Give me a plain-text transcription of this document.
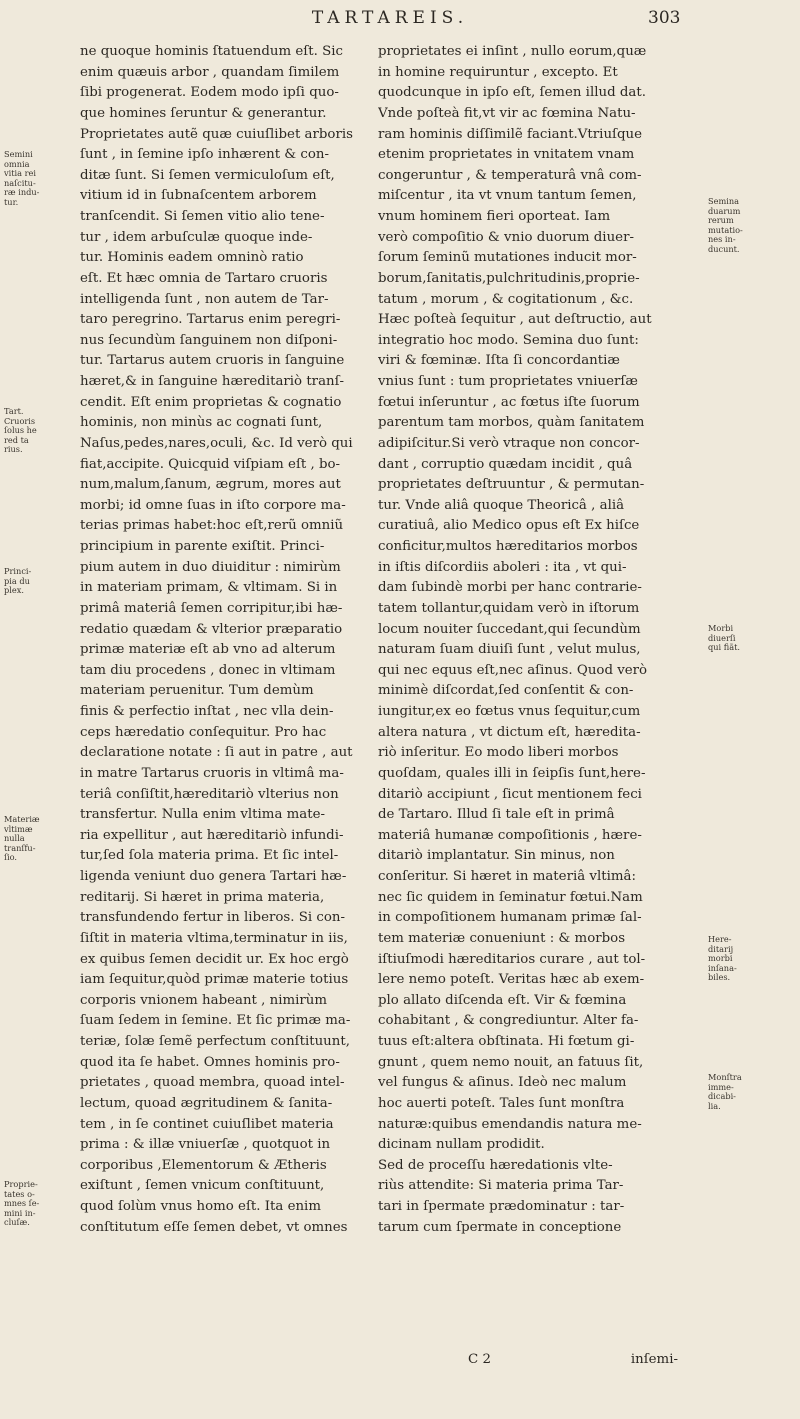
TARTAREIS.	303
ne quoque hominis ſtatuendum eſt. Sic
enim quæuis arbor , quandam ſimilem
ſibi progenerat. Eodem modo ipſi quo-
que homines ſeruntur & generantur.
Proprietates autẽ quæ cuiuſlibet arboris
ſunt , in ſemine ipſo inhærent & con-
ditæ ſunt. Si ſemen vermiculoſum eſt,
vitium id in ſubnaſcentem arborem
tranſcendit. Si ſemen vitio alio tene-
tur , idem arbuſculæ quoque inde-
tur. Hominis eadem omninò ratio
eſt. Et hæc omnia de Tartaro cruoris
intelligenda ſunt , non autem de Tar-
taro peregrino. Tartarus enim peregri-
nus ſecundùm ſanguinem non diſponi-
tur. Tartarus autem cruoris in ſanguine
hæret,& in ſanguine hæreditariò tranſ-
cendit. Eſt enim proprietas & cognatio
hominis, non minùs ac cognati ſunt,
Naſus,pedes,nares,oculi, &c. Id verò qui
fiat,accipite. Quicquid viſpiam eſt , bo-
num,malum,ſanum, ægrum, mores aut
morbi; id omne ſuas in iſto corpore ma-
terias primas habet:hoc eſt,rerũ omniũ
principium in parente exiſtit. Princi-
pium autem in duo diuiditur : nimirùm
in materiam primam, & vltimam. Si in
primâ materiâ ſemen corripitur,ibi hæ-
redatio quædam & vlterior præparatio
primæ materiæ eſt ab vno ad alterum
tam diu procedens , donec in vltimam
materiam peruenitur. Tum demùm
finis & perfectio inſtat , nec vlla dein-
ceps hæredatio conſequitur. Pro hac
declaratione notate : ſi aut in patre , aut
in matre Tartarus cruoris in vltimâ ma-
teriâ conſiſtit,hæreditariò vlterius non
transfertur. Nulla enim vltima mate-
ria expellitur , aut hæreditariò infundi-
tur,ſed ſola materia prima. Et ſic intel-
ligenda veniunt duo genera Tartari hæ-
reditarij. Si hæret in prima materia,
transfundendo fertur in liberos. Si con-
ſiſtit in materia vltima,terminatur in iis,
ex quibus ſemen decidit ur. Ex hoc ergò
iam ſequitur,quòd primæ materie totius
corporis vnionem habeant , nimirùm
ſuam ſedem in ſemine. Et ſic primæ ma-
teriæ, ſolæ ſemẽ perfectum conſtituunt,
quod ita ſe habet. Omnes hominis pro-
prietates , quoad membra, quoad intel-
lectum, quoad ægritudinem & ſanita-
tem , in ſe continet cuiuſlibet materia
prima : & illæ vniuerſæ , quotquot in
corporibus ,Elementorum & Ætheris
exiſtunt , ſemen vnicum conſtituunt,
quod ſolùm vnus homo eſt. Ita enim
conſtitutum eſſe ſemen debet, vt omnes
proprietates ei inſint , nullo eorum,quæ
in homine requiruntur , excepto. Et
quodcunque in ipſo eſt, ſemen illud dat.
Vnde poſteà fit,vt vir ac fœmina Natu-
ram hominis diſſimilẽ faciant.Vtriuſque
etenim proprietates in vnitatem vnam
congeruntur , & temperaturâ vnâ com-
miſcentur , ita vt vnum tantum ſemen,
vnum hominem fieri oporteat. Iam
verò compoſitio & vnio duorum diuer-
ſorum ſeminũ mutationes inducit mor-
borum,ſanitatis,pulchritudinis,proprie-
tatum , morum , & cogitationum , &c.
Hæc poſteà ſequitur , aut deſtructio, aut
integratio hoc modo. Semina duo ſunt:
viri & fœminæ. Iſta ſi concordantiæ
vnius ſunt : tum proprietates vniuerſæ
fœtui inſeruntur , ac fœtus iſte ſuorum
parentum tam morbos, quàm ſanitatem
adipiſcitur.Si verò vtraque non concor-
dant , corruptio quædam incidit , quâ
proprietates deſtruuntur , & permutan-
tur. Vnde aliâ quoque Theoricâ , aliâ
curatiuâ, alio Medico opus eſt Ex hiſce
conficitur,multos hæreditarios morbos
in iſtis diſcordiis aboleri : ita , vt qui-
dam ſubindè morbi per hanc contrarie-
tatem tollantur,quidam verò in iſtorum
locum nouiter ſuccedant,qui ſecundùm
naturam ſuam diuiſi ſunt , velut mulus,
qui nec equus eſt,nec aſinus. Quod verò
minimè diſcordat,ſed conſentit & con-
iungitur,ex eo fœtus vnus ſequitur,cum
altera natura , vt dictum eſt, hæredita-
riò inſeritur. Eo modo liberi morbos
quoſdam, quales illi in ſeipſis ſunt,here-
ditariò accipiunt , ſicut mentionem feci
de Tartaro. Illud ſi tale eſt in primâ
materiâ humanæ compoſitionis , hære-
ditariò implantatur. Sin minus, non
conſeritur. Si hæret in materiâ vltimâ:
nec ſic quidem in ſeminatur fœtui.Nam
in compoſitionem humanam primæ ſal-
tem materiæ conueniunt : & morbos
iſtiuſmodi hæreditarios curare , aut tol-
lere nemo poteſt. Veritas hæc ab exem-
plo allato diſcenda eſt. Vir & fœmina
cohabitant , & congrediuntur. Alter fa-
tuus eſt:altera obſtinata. Hi fœtum gi-
gnunt , quem nemo nouit, an fatuus ſit,
vel fungus & aſinus. Ideò nec malum
hoc auerti poteſt. Tales ſunt monſtra
naturæ:quibus emendandis natura me-
dicinam nullam prodidit.
Sed de proceſſu hæredationis vlte-
riùs attendite: Si materia prima Tar-
tari in ſpermate prædominatur : tar-
tarum cum ſpermate in conceptione
Semini
omnia
vitia rei
naſcitu-
ræ indu-
tur.
Tart.
Cruoris
ſolus he
red ta
rius.
Princi-
pia du
plex.
Materiæ
vltimæ
nulla
tranſfu-
ſio.
Proprie-
tates o-
mnes ſe-
mini in-
cluſæ.
Semina
duarum
rerum
mutatio-
nes in-
ducunt.
Morbi
diuerſi
qui fiãt.
Here-
ditarij
morbi
inſana-
biles.
Monſtra
imme-
dicabi-
lia.
C 2	inſemi-
